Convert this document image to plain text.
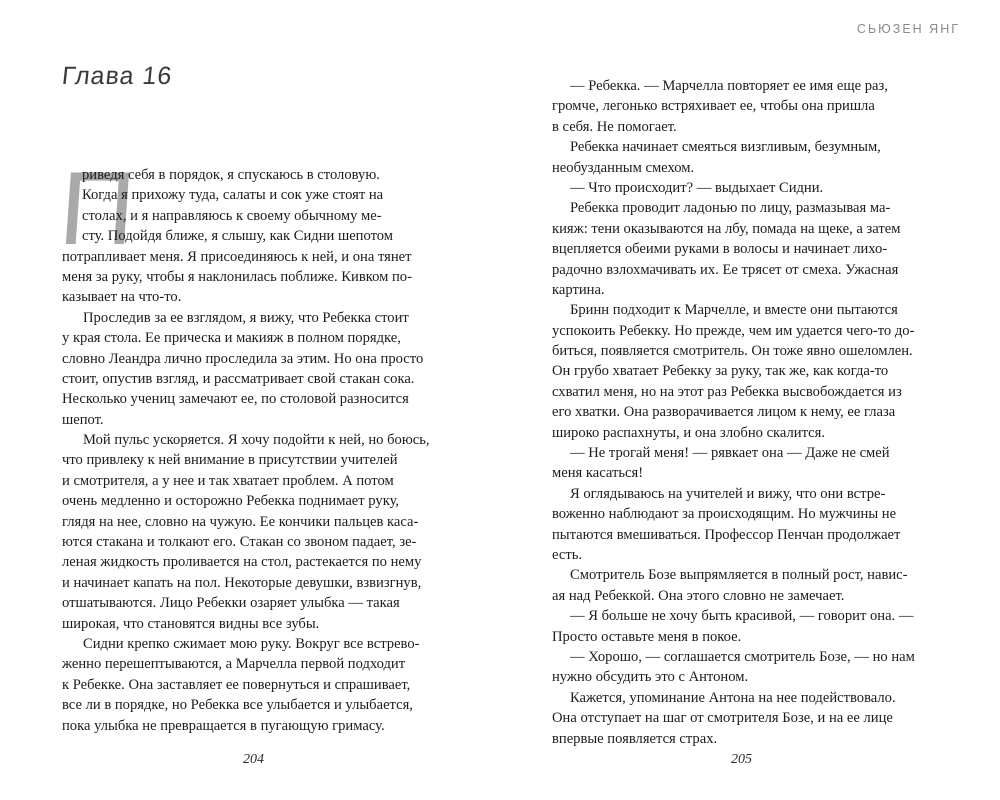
Глава 16
П
риведя себя в порядок, я спускаюсь в столовую.
Когда я прихожу туда, салаты и сок уже стоят на
столах, и я направляюсь к своему обычному ме-
сту. Подойдя ближе, я слышу, как Сидни шепотом
потрапливает меня. Я присоединяюсь к ней, и она тянет
меня за руку, чтобы я наклонилась поближе. Кивком по-
казывает на что-то.
Проследив за ее взглядом, я вижу, что Ребекка стоит
у края стола. Ее прическа и макияж в полном порядке,
словно Леандра лично проследила за этим. Но она просто
стоит, опустив взгляд, и рассматривает свой стакан сока.
Несколько учениц замечают ее, по столовой разносится
шепот.
Мой пульс ускоряется. Я хочу подойти к ней, но боюсь,
что привлеку к ней внимание в присутствии учителей
и смотрителя, а у нее и так хватает проблем. А потом
очень медленно и осторожно Ребекка поднимает руку,
глядя на нее, словно на чужую. Ее кончики пальцев каса-
ются стакана и толкают его. Стакан со звоном падает, зе-
леная жидкость проливается на стол, растекается по нему
и начинает капать на пол. Некоторые девушки, взвизгнув,
отшатываются. Лицо Ребекки озаряет улыбка — такая
широкая, что становятся видны все зубы.
Сидни крепко сжимает мою руку. Вокруг все встрево-
женно перешептываются, а Марчелла первой подходит
к Ребекке. Она заставляет ее повернуться и спрашивает,
все ли в порядке, но Ребекка все улыбается и улыбается,
пока улыбка не превращается в пугающую гримасу.
204
СЬЮЗЕН ЯНГ
— Ребекка. — Марчелла повторяет ее имя еще раз,
громче, легонько встряхивает ее, чтобы она пришла
в себя. Не помогает.
Ребекка начинает смеяться визгливым, безумным,
необузданным смехом.
— Что происходит? — выдыхает Сидни.
Ребекка проводит ладонью по лицу, размазывая ма-
кияж: тени оказываются на лбу, помада на щеке, а затем
вцепляется обеими руками в волосы и начинает лихо-
радочно взлохмачивать их. Ее трясет от смеха. Ужасная
картина.
Бринн подходит к Марчелле, и вместе они пытаются
успокоить Ребекку. Но прежде, чем им удается чего-то до-
биться, появляется смотритель. Он тоже явно ошеломлен.
Он грубо хватает Ребекку за руку, так же, как когда-то
схватил меня, но на этот раз Ребекка высвобождается из
его хватки. Она разворачивается лицом к нему, ее глаза
широко распахнуты, и она злобно скалится.
— Не трогай меня! — рявкает она — Даже не смей
меня касаться!
Я оглядываюсь на учителей и вижу, что они встре-
воженно наблюдают за происходящим. Но мужчины не
пытаются вмешиваться. Профессор Пенчан продолжает
есть.
Смотритель Бозе выпрямляется в полный рост, навис-
ая над Ребеккой. Она этого словно не замечает.
— Я больше не хочу быть красивой, — говорит она. —
Просто оставьте меня в покое.
— Хорошо, — соглашается смотритель Бозе, — но нам
нужно обсудить это с Антоном.
Кажется, упоминание Антона на нее подействовало.
Она отступает на шаг от смотрителя Бозе, и на ее лице
впервые появляется страх.
205
